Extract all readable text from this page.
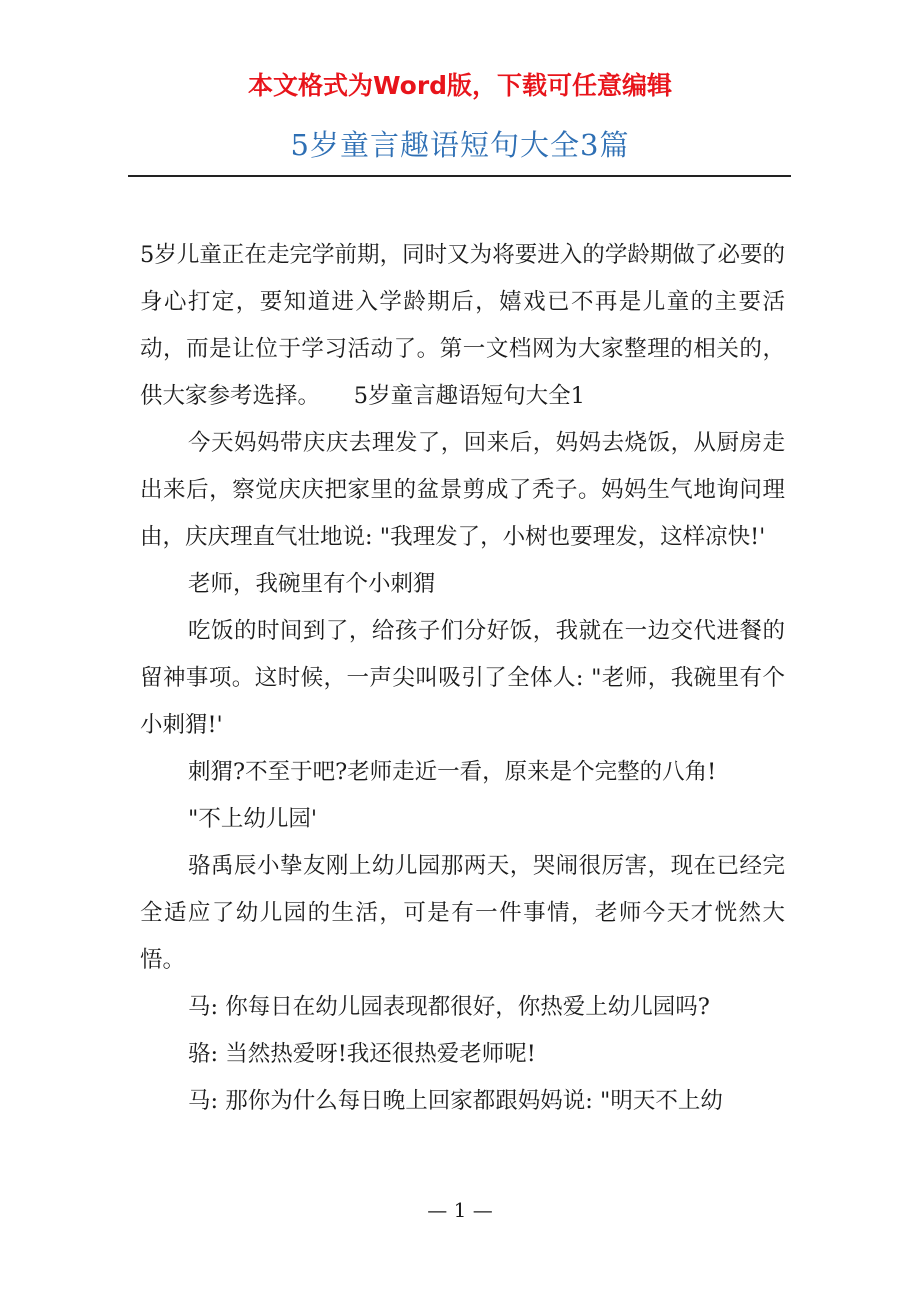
本文格式为Word版，下载可任意编辑
5岁童言趣语短句大全3篇

5岁儿童正在走完学前期，同时又为将要进入的学龄期做了必要的身心打定，要知道进入学龄期后，嬉戏已不再是儿童的主要活动，而是让位于学习活动了。第一文档网为大家整理的相关的，供大家参考选择。　　5岁童言趣语短句大全1

今天妈妈带庆庆去理发了，回来后，妈妈去烧饭，从厨房走出来后，察觉庆庆把家里的盆景剪成了秃子。妈妈生气地询问理由，庆庆理直气壮地说: "我理发了，小树也要理发，这样凉快!'

老师，我碗里有个小刺猬

吃饭的时间到了，给孩子们分好饭，我就在一边交代进餐的留神事项。这时候，一声尖叫吸引了全体人: "老师，我碗里有个小刺猬!'

刺猬?不至于吧?老师走近一看，原来是个完整的八角!

"不上幼儿园'

骆禹辰小挚友刚上幼儿园那两天，哭闹很厉害，现在已经完全适应了幼儿园的生活，可是有一件事情，老师今天才恍然大悟。

马: 你每日在幼儿园表现都很好，你热爱上幼儿园吗?

骆: 当然热爱呀!我还很热爱老师呢!

马: 那你为什么每日晚上回家都跟妈妈说: "明天不上幼

— 1 —
